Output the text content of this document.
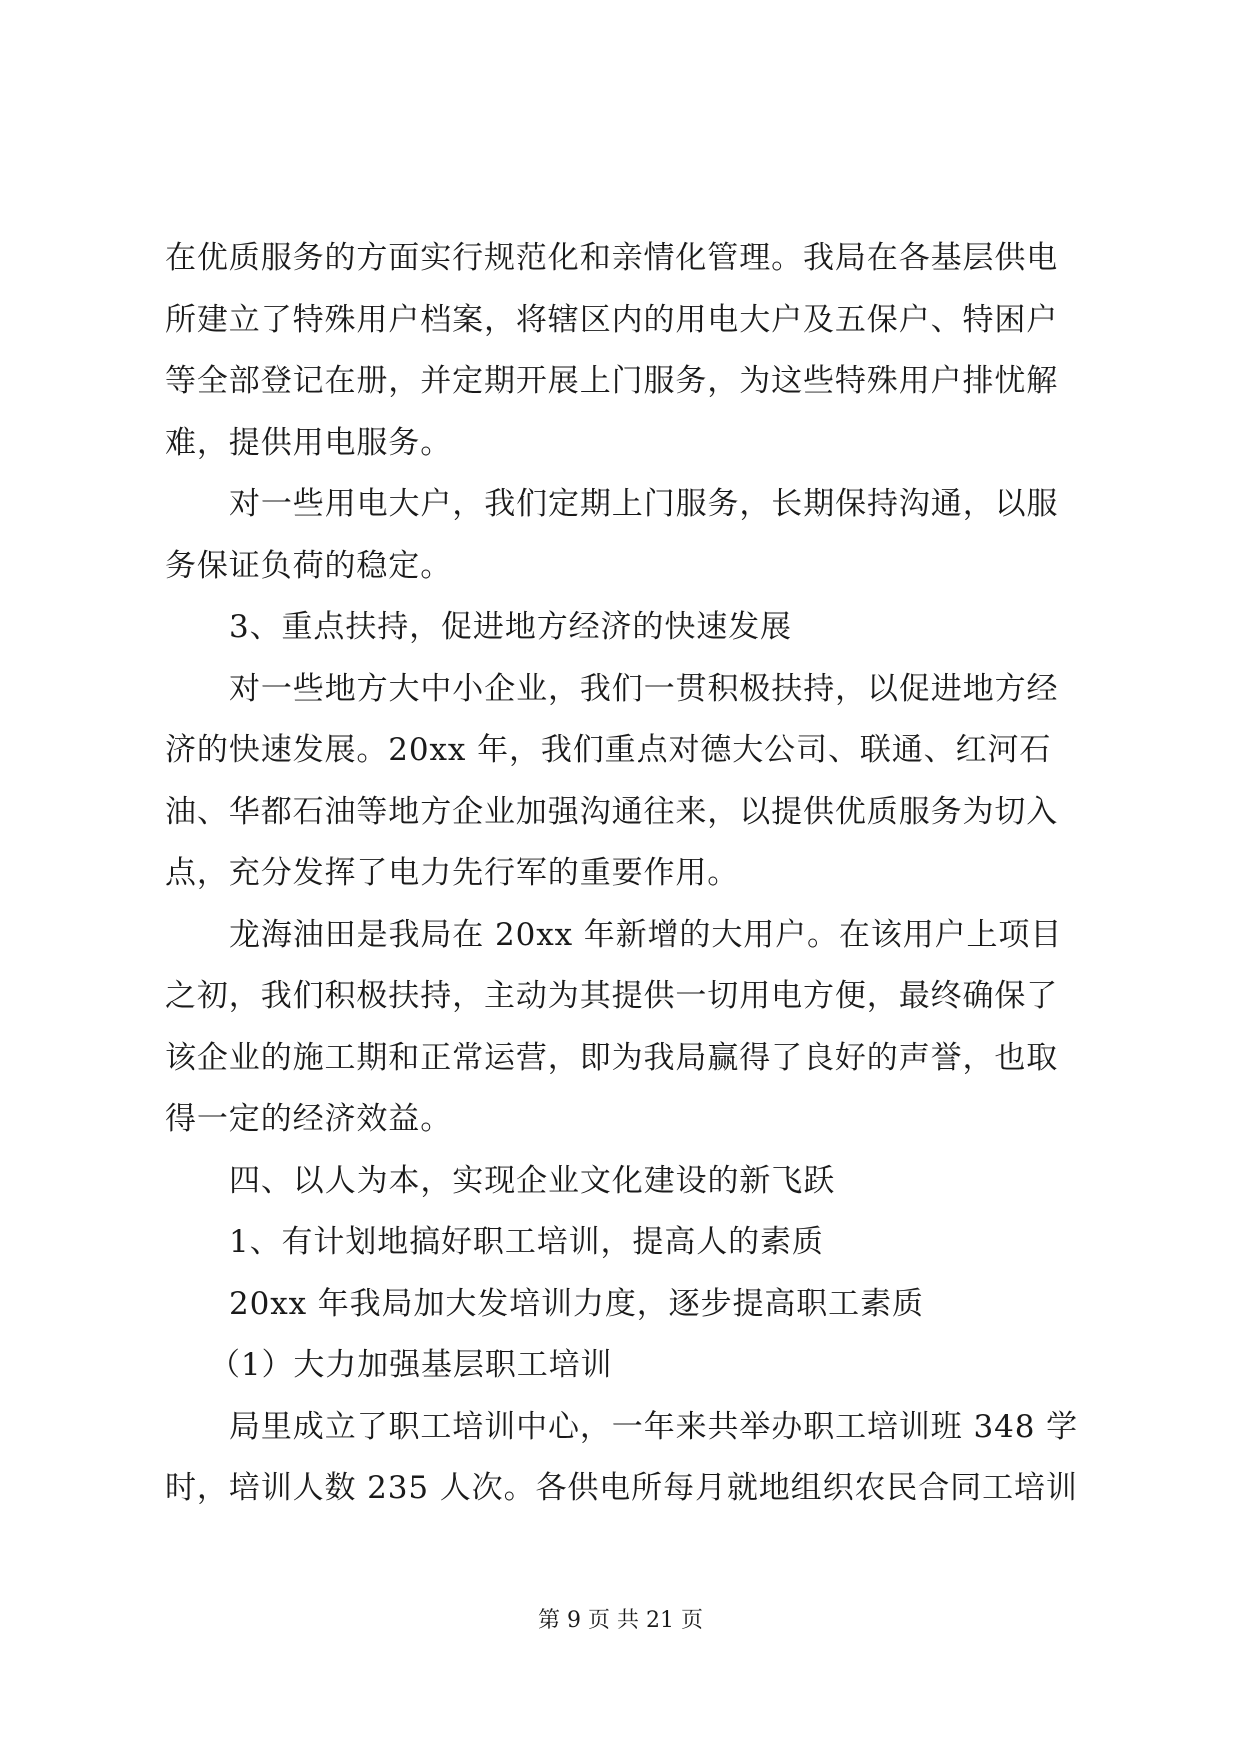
在优质服务的方面实行规范化和亲情化管理。我局在各基层供电
所建立了特殊用户档案，将辖区内的用电大户及五保户、特困户
等全部登记在册，并定期开展上门服务，为这些特殊用户排忧解
难，提供用电服务。
对一些用电大户，我们定期上门服务，长期保持沟通，以服
务保证负荷的稳定。
3、重点扶持，促进地方经济的快速发展
对一些地方大中小企业，我们一贯积极扶持，以促进地方经
济的快速发展。20xx 年，我们重点对德大公司、联通、红河石
油、华都石油等地方企业加强沟通往来，以提供优质服务为切入
点，充分发挥了电力先行军的重要作用。
龙海油田是我局在 20xx 年新增的大用户。在该用户上项目
之初，我们积极扶持，主动为其提供一切用电方便，最终确保了
该企业的施工期和正常运营，即为我局赢得了良好的声誉，也取
得一定的经济效益。
四、以人为本，实现企业文化建设的新飞跃
1、有计划地搞好职工培训，提高人的素质
20xx 年我局加大发培训力度，逐步提高职工素质
（1）大力加强基层职工培训
局里成立了职工培训中心，一年来共举办职工培训班 348 学
时，培训人数 235 人次。各供电所每月就地组织农民合同工培训
第 9 页 共 21 页
